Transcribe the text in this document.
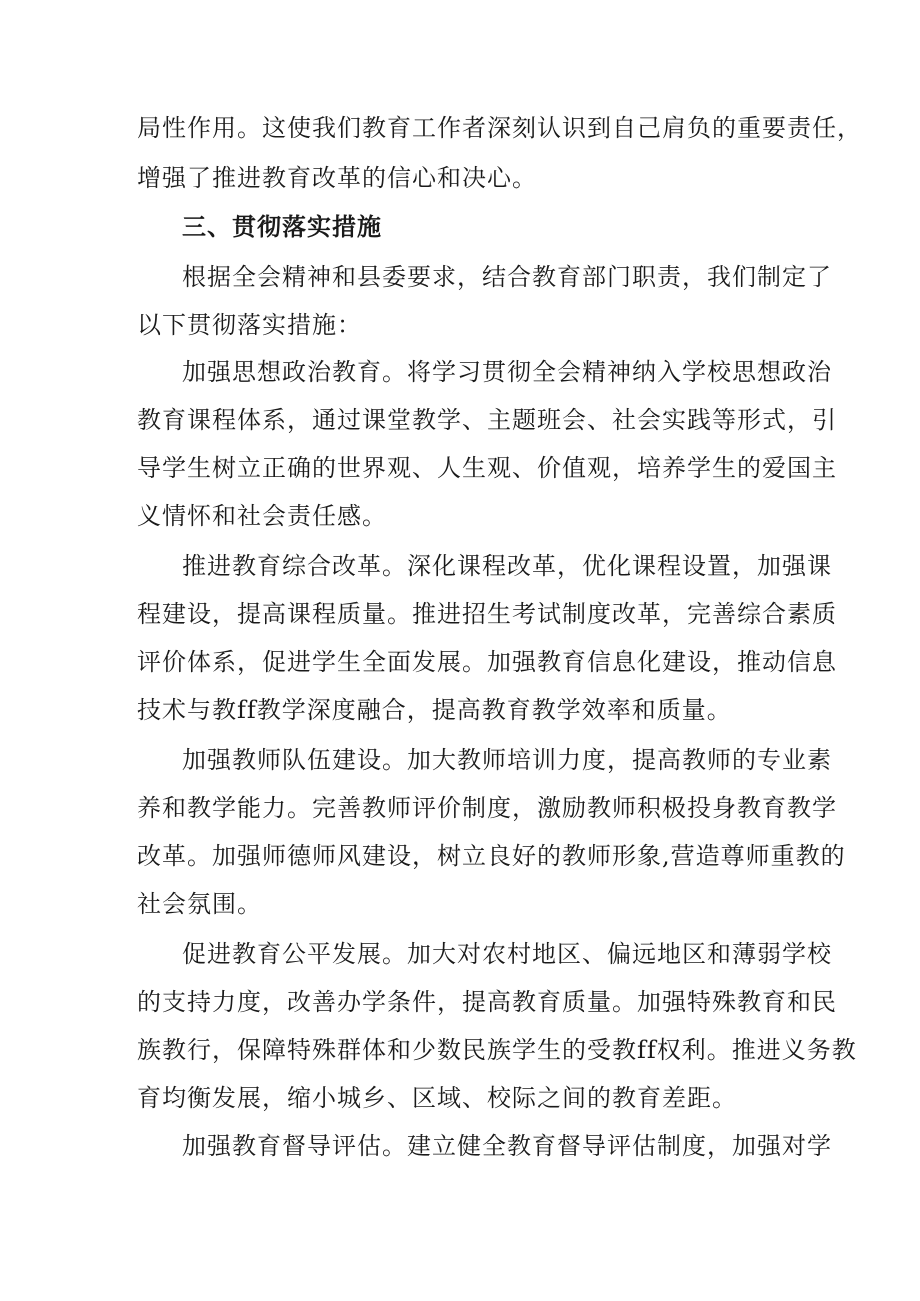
局性作用。这使我们教育工作者深刻认识到自己肩负的重要责任，

增强了推进教育改革的信心和决心。

三、贯彻落实措施

根据全会精神和县委要求，结合教育部门职责，我们制定了

以下贯彻落实措施：

加强思想政治教育。将学习贯彻全会精神纳入学校思想政治

教育课程体系，通过课堂教学、主题班会、社会实践等形式，引

导学生树立正确的世界观、人生观、价值观，培养学生的爱国主

义情怀和社会责任感。

推进教育综合改革。深化课程改革，优化课程设置，加强课

程建设，提高课程质量。推进招生考试制度改革，完善综合素质

评价体系，促进学生全面发展。加强教育信息化建设，推动信息

技术与教ff教学深度融合，提高教育教学效率和质量。

加强教师队伍建设。加大教师培训力度，提高教师的专业素

养和教学能力。完善教师评价制度，激励教师积极投身教育教学

改革。加强师德师风建设，树立良好的教师形象,营造尊师重教的

社会氛围。

促进教育公平发展。加大对农村地区、偏远地区和薄弱学校

的支持力度，改善办学条件，提高教育质量。加强特殊教育和民

族教行，保障特殊群体和少数民族学生的受教ff权利。推进义务教

育均衡发展，缩小城乡、区域、校际之间的教育差距。

加强教育督导评估。建立健全教育督导评估制度，加强对学
